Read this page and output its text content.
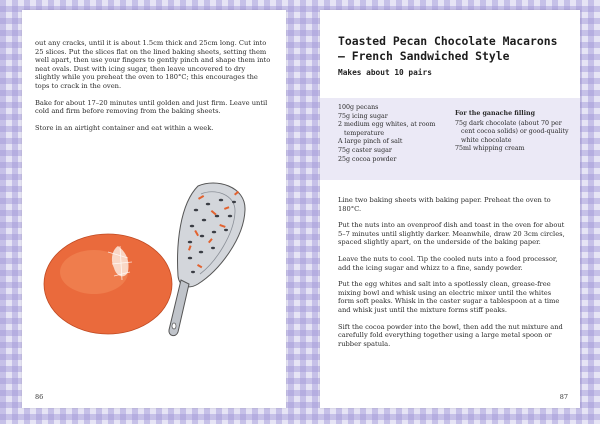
out any cracks, until it is about 1.5cm thick and 25cm long. Cut into 25 slices. Put the slices flat on the lined baking sheets, setting them well apart, then use your fingers to gently pinch and shape them into neat ovals. Dust with icing sugar, then leave uncovered to dry slightly while you preheat the oven to 180°C; this encourages the tops to crack in the oven.

Bake for about 17–20 minutes until golden and just firm. Leave until cold and firm before removing from the baking sheets.

Store in an airtight container and eat within a week.

86
Toasted Pecan Chocolate Macarons – French Sandwiched Style
Makes about 10 pairs
100g pecans
75g icing sugar
2 medium egg whites, at room temperature
A large pinch of salt
75g caster sugar
25g cocoa powder
For the ganache filling
75g dark chocolate (about 70 per cent cocoa solids) or good-quality white chocolate
75ml whipping cream

Line two baking sheets with baking paper. Preheat the oven to 180°C.

Put the nuts into an ovenproof dish and toast in the oven for about 5–7 minutes until slightly darker. Meanwhile, draw 20 3cm circles, spaced slightly apart, on the underside of the baking paper.

Leave the nuts to cool. Tip the cooled nuts into a food processor, add the icing sugar and whizz to a fine, sandy powder.

Put the egg whites and salt into a spotlessly clean, grease-free mixing bowl and whisk using an electric mixer until the whites form soft peaks. Whisk in the caster sugar a tablespoon at a time and whisk just until the mixture forms stiff peaks.

Sift the cocoa powder into the bowl, then add the nut mixture and carefully fold everything together using a large metal spoon or rubber spatula.

87
